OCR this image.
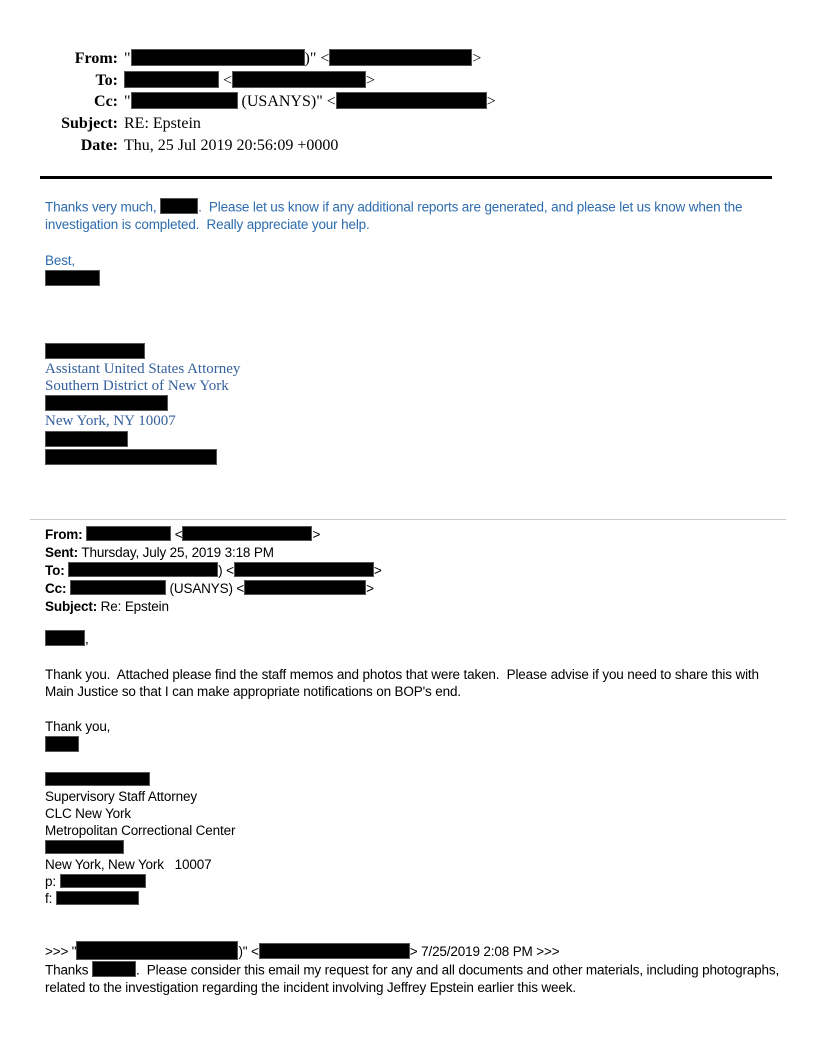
From: "	)" <	>
To:	<	>
Cc: "	(USANYS)" <	>
Subject: RE: Epstein
Date: Thu, 25 Jul 2019 20:56:09 +0000
Thanks very much,	.  Please let us know if any additional reports are generated, and please let us know when the
investigation is completed.  Really appreciate your help.

Best,
Assistant United States Attorney
Southern District of New York
New York, NY 10007
From:	<	>
Sent: Thursday, July 25, 2019 3:18 PM
To:	) <	>
Cc:	(USANYS) <	>
Subject: Re: Epstein
,

Thank you.  Attached please find the staff memos and photos that were taken.  Please advise if you need to share this with
Main Justice so that I can make appropriate notifications on BOP's end.

Thank you,
Supervisory Staff Attorney
CLC New York
Metropolitan Correctional Center
New York, New York   10007
p:
f:
>>> "	)" <	> 7/25/2019 2:08 PM >>>
Thanks	.  Please consider this email my request for any and all documents and other materials, including photographs,
related to the investigation regarding the incident involving Jeffrey Epstein earlier this week.
